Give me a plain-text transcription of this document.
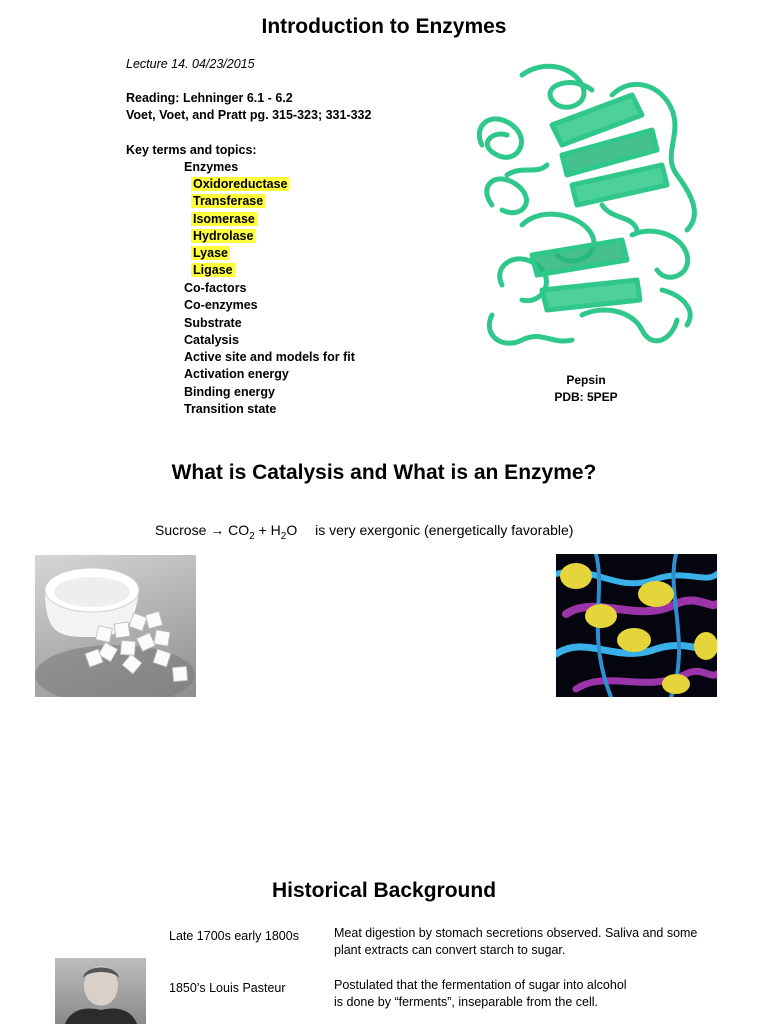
Introduction to Enzymes
Lecture 14. 04/23/2015
Reading: Lehninger 6.1 - 6.2
Voet, Voet, and Pratt pg. 315-323; 331-332
Key terms and topics:
Enzymes
Oxidoreductase
Transferase
Isomerase
Hydrolase
Lyase
Ligase
Co-factors
Co-enzymes
Substrate
Catalysis
Active site and models for fit
Activation energy
Binding energy
Transition state
Pepsin
PDB: 5PEP
What is Catalysis and What is an Enzyme?
Sucrose → $CO_2 + H_2O$ is very exergonic (energetically favorable)
Historical Background
Late 1700s early 1800s	Meat digestion by stomach secretions observed. Saliva and some
plant extracts can convert starch to sugar.
1850’s Louis Pasteur	Postulated that the fermentation of sugar into alcohol
is done by “ferments”, inseparable from the cell.
